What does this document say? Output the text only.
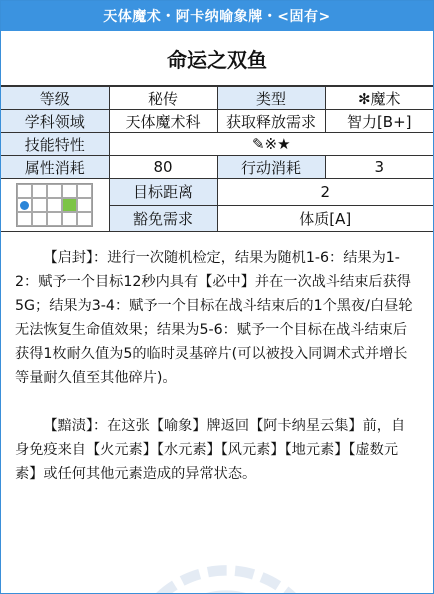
天体魔术・阿卡纳喻象牌・<固有>
命运之双鱼
等级	秘传	类型	✻魔术
学科领域	天体魔术科	获取释放需求	智力[B+]
技能特性	✎※★		
属性消耗	80	行动消耗	3

	目标距离	2	
	豁免需求	体质[A]	

【启封】：进行一次随机检定，结果为随机1-6：结果为1-2：赋予一个目标12秒内具有【必中】并在一次战斗结束后获得5G；结果为3-4：赋予一个目标在战斗结束后的1个黑夜/白昼轮无法恢复生命值效果；结果为5-6：赋予一个目标在战斗结束后获得1枚耐久值为5的临时灵基碎片(可以被投入同调术式并增长等量耐久值至其他碎片)。

【黯渍】：在这张【喻象】牌返回【阿卡纳星云集】前，自身免疫来自【火元素】【水元素】【风元素】【地元素】【虚数元素】或任何其他元素造成的异常状态。
